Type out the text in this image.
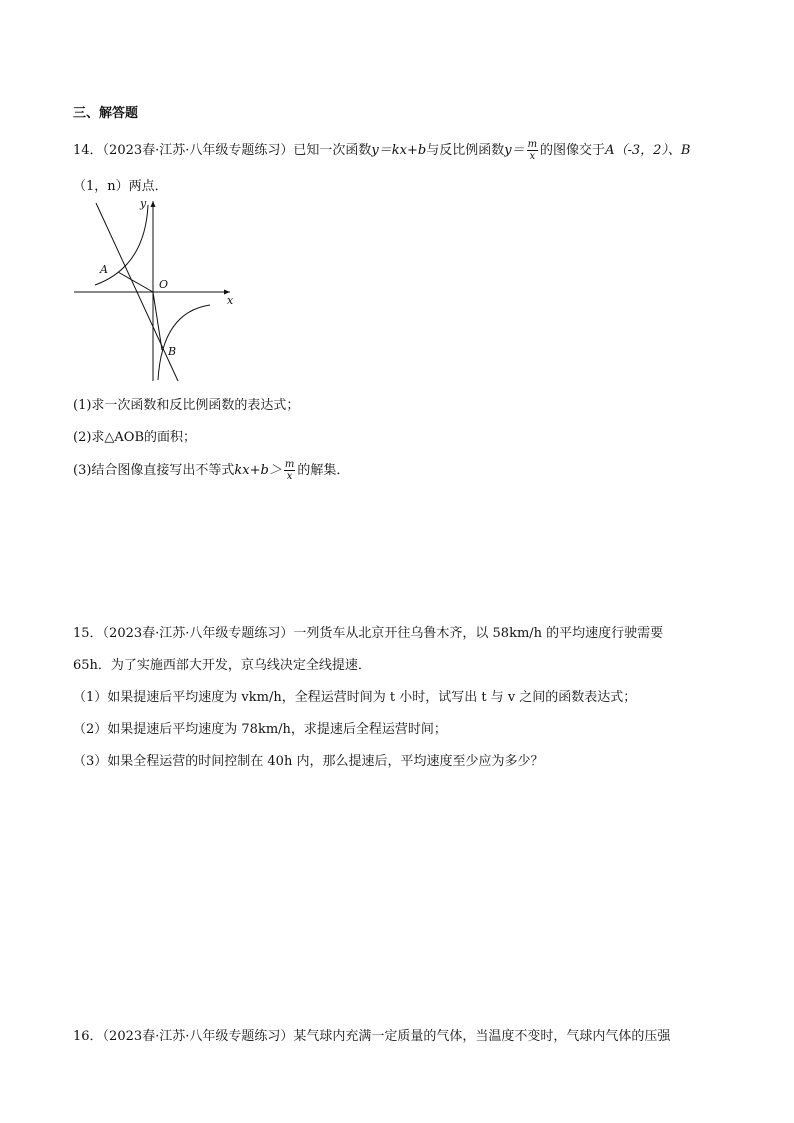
三、解答题
14．（2023春·江苏·八年级专题练习）已知一次函数y＝kx+b与反比例函数$y= \frac{m}{x}$ 的图像交于A（-3，2）、B
（1，n）两点．
y
x
O
A
B
(1)求一次函数和反比例函数的表达式；
(2)求△AOB的面积；
(3)结合图像直接写出不等式$kx+b> \frac{m}{x}$ 的解集．
15．（2023春·江苏·八年级专题练习）一列货车从北京开往乌鲁木齐，以 58km/h 的平均速度行驶需要
65h．为了实施西部大开发，京乌线决定全线提速．
（1）如果提速后平均速度为 vkm/h，全程运营时间为 t 小时，试写出 t 与 v 之间的函数表达式；
（2）如果提速后平均速度为 78km/h，求提速后全程运营时间；
（3）如果全程运营的时间控制在 40h 内，那么提速后，平均速度至少应为多少？
16．（2023春·江苏·八年级专题练习）某气球内充满一定质量的气体，当温度不变时，气球内气体的压强
